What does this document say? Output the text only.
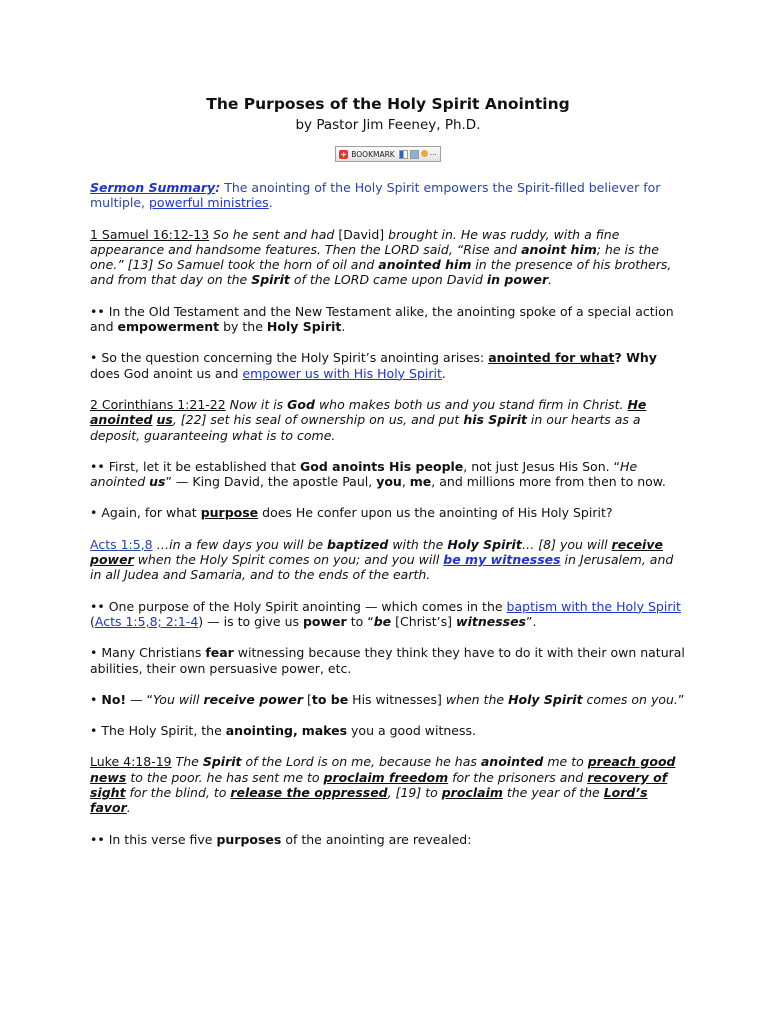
The Purposes of the Holy Spirit Anointing

by Pastor Jim Feeney, Ph.D.

+ BOOKMARK	…

Sermon Summary: The anointing of the Holy Spirit empowers the Spirit-filled believer for multiple, powerful ministries.

1 Samuel 16:12-13 So he sent and had [David] brought in. He was ruddy, with a fine appearance and handsome features. Then the LORD said, “Rise and anoint him; he is the one.” [13] So Samuel took the horn of oil and anointed him in the presence of his brothers, and from that day on the Spirit of the LORD came upon David in power.

•• In the Old Testament and the New Testament alike, the anointing spoke of a special action and empowerment by the Holy Spirit.

• So the question concerning the Holy Spirit’s anointing arises: anointed for what? Why does God anoint us and empower us with His Holy Spirit.

2 Corinthians 1:21-22 Now it is God who makes both us and you stand firm in Christ. He anointed us, [22] set his seal of ownership on us, and put his Spirit in our hearts as a deposit, guaranteeing what is to come.

•• First, let it be established that God anoints His people, not just Jesus His Son. “He anointed us” — King David, the apostle Paul, you, me, and millions more from then to now.

• Again, for what purpose does He confer upon us the anointing of His Holy Spirit?

Acts 1:5,8 …in a few days you will be baptized with the Holy Spirit… [8] you will receive power when the Holy Spirit comes on you; and you will be my witnesses in Jerusalem, and in all Judea and Samaria, and to the ends of the earth.

•• One purpose of the Holy Spirit anointing — which comes in the baptism with the Holy Spirit (Acts 1:5,8; 2:1-4) — is to give us power to “be [Christ’s] witnesses”.

• Many Christians fear witnessing because they think they have to do it with their own natural abilities, their own persuasive power, etc.

• No! — “You will receive power [to be His witnesses] when the Holy Spirit comes on you.”

• The Holy Spirit, the anointing, makes you a good witness.

Luke 4:18-19 The Spirit of the Lord is on me, because he has anointed me to preach good news to the poor. he has sent me to proclaim freedom for the prisoners and recovery of sight for the blind, to release the oppressed, [19] to proclaim the year of the Lord’s favor.

•• In this verse five purposes of the anointing are revealed:
